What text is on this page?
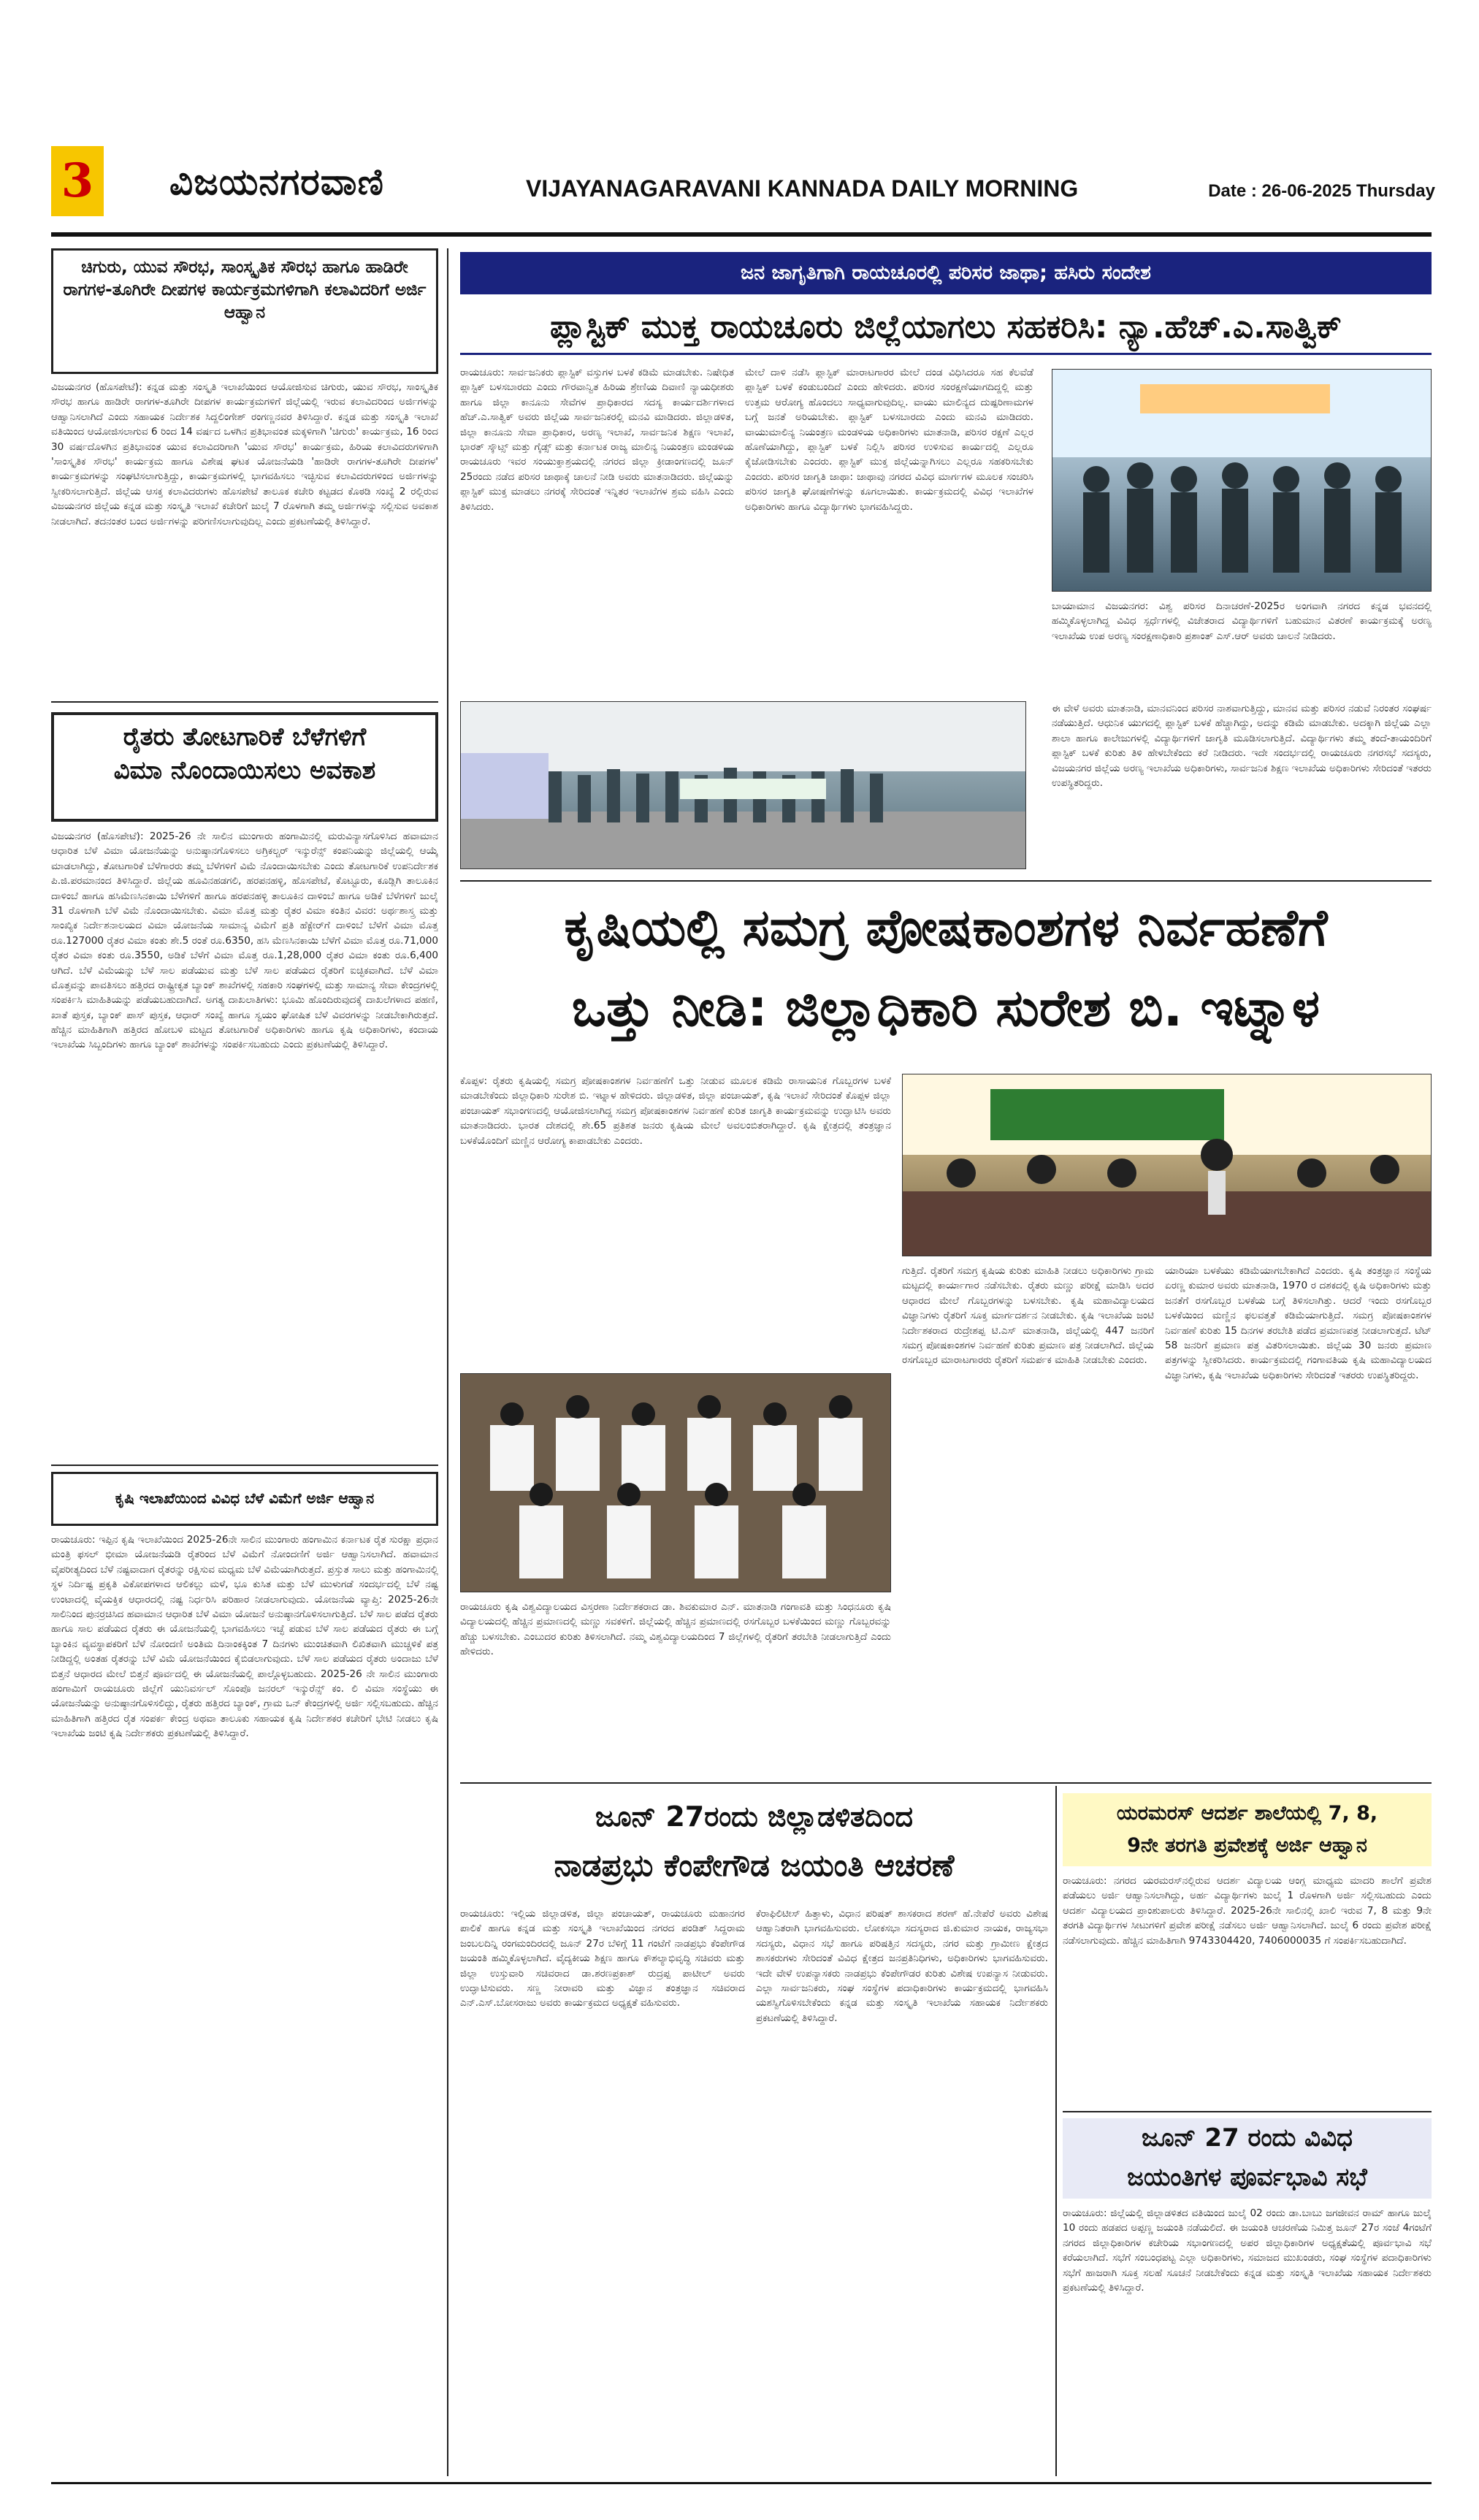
3 ವಿಜಯನಗರವಾಣಿ	VIJAYANAGARAVANI KANNADA DAILY MORNING	Date : 26-06-2025 Thursday
ಚಿಗುರು, ಯುವ ಸೌರಭ, ಸಾಂಸ್ಕೃತಿಕ ಸೌರಭ ಹಾಗೂ ಹಾಡಿರೇ ರಾಗಗಳ-ತೂಗಿರೇ ದೀಪಗಳ ಕಾರ್ಯಕ್ರಮಗಳಿಗಾಗಿ ಕಲಾವಿದರಿಗೆ ಅರ್ಜಿ ಆಹ್ವಾನ
ವಿಜಯನಗರ (ಹೊಸಪೇಟೆ): ಕನ್ನಡ ಮತ್ತು ಸಂಸ್ಕೃತಿ ಇಲಾಖೆಯಿಂದ ಆಯೋಜಿಸುವ ಚಿಗುರು, ಯುವ ಸೌರಭ, ಸಾಂಸ್ಕೃತಿಕ ಸೌರಭ ಹಾಗೂ ಹಾಡಿರೇ ರಾಗಗಳ-ತೂಗಿರೇ ದೀಪಗಳ ಕಾರ್ಯಕ್ರಮಗಳಿಗೆ ಜಿಲ್ಲೆಯಲ್ಲಿ ಇರುವ ಕಲಾವಿದರಿಂದ ಅರ್ಜಿಗಳನ್ನು ಆಹ್ವಾನಿಸಲಾಗಿದೆ ಎಂದು ಸಹಾಯಕ ನಿರ್ದೇಶಕ ಸಿದ್ದಲಿಂಗೇಶ್ ರಂಗಣ್ಣನವರ ತಿಳಿಸಿದ್ದಾರೆ. ಕನ್ನಡ ಮತ್ತು ಸಂಸ್ಕೃತಿ ಇಲಾಖೆ ವತಿಯಿಂದ ಆಯೋಜಿಸಲಾಗುವ 6 ರಿಂದ 14 ವರ್ಷದ ಒಳಗಿನ ಪ್ರತಿಭಾವಂತ ಮಕ್ಕಳಿಗಾಗಿ 'ಚಿಗುರು' ಕಾರ್ಯಕ್ರಮ, 16 ರಿಂದ 30 ವರ್ಷದೊಳಗಿನ ಪ್ರತಿಭಾವಂತ ಯುವ ಕಲಾವಿದರಿಗಾಗಿ 'ಯುವ ಸೌರಭ' ಕಾರ್ಯಕ್ರಮ, ಹಿರಿಯ ಕಲಾವಿದರುಗಳಿಗಾಗಿ 'ಸಾಂಸ್ಕೃತಿಕ ಸೌರಭ' ಕಾರ್ಯಕ್ರಮ ಹಾಗೂ ವಿಶೇಷ ಘಟಕ ಯೋಜನೆಯಡಿ 'ಹಾಡಿರೇ ರಾಗಗಳ-ತೂಗಿರೇ ದೀಪಗಳ' ಕಾರ್ಯಕ್ರಮಗಳನ್ನು ಸಂಘಟಿಸಲಾಗುತ್ತಿದ್ದು, ಕಾರ್ಯಕ್ರಮಗಳಲ್ಲಿ ಭಾಗವಹಿಸಲು ಇಚ್ಛಿಸುವ ಕಲಾವಿದರುಗಳಿಂದ ಅರ್ಜಿಗಳನ್ನು ಸ್ವೀಕರಿಸಲಾಗುತ್ತಿದೆ. ಜಿಲ್ಲೆಯ ಆಸಕ್ತ ಕಲಾವಿದರುಗಳು ಹೊಸಪೇಟೆ ತಾಲೂಕ ಕಚೇರಿ ಕಟ್ಟಡದ ಕೊಠಡಿ ಸಂಖ್ಯೆ 2 ರಲ್ಲಿರುವ ವಿಜಯನಗರ ಜಿಲ್ಲೆಯ ಕನ್ನಡ ಮತ್ತು ಸಂಸ್ಕೃತಿ ಇಲಾಖೆ ಕಚೇರಿಗೆ ಜುಲೈ 7 ರೊಳಗಾಗಿ ತಮ್ಮ ಅರ್ಜಿಗಳನ್ನು ಸಲ್ಲಿಸುವ ಅವಕಾಶ ನೀಡಲಾಗಿದೆ. ತದನಂತರ ಬಂದ ಅರ್ಜಿಗಳನ್ನು ಪರಿಗಣಿಸಲಾಗುವುದಿಲ್ಲ ಎಂದು ಪ್ರಕಟಣೆಯಲ್ಲಿ ತಿಳಿಸಿದ್ದಾರೆ.
ರೈತರು ತೋಟಗಾರಿಕೆ ಬೆಳೆಗಳಿಗೆ
ವಿಮಾ ನೊಂದಾಯಿಸಲು ಅವಕಾಶ
ವಿಜಯನಗರ (ಹೊಸಪೇಟೆ): 2025-26 ನೇ ಸಾಲಿನ ಮುಂಗಾರು ಹಂಗಾಮಿನಲ್ಲಿ ಮರುವಿನ್ಯಾಸಗೊಳಿಸಿದ ಹವಾಮಾನ ಆಧಾರಿತ ಬೆಳೆ ವಿಮಾ ಯೋಜನೆಯನ್ನು ಅನುಷ್ಠಾನಗೊಳಿಸಲು ಅಗ್ರಿಕಲ್ಚರ್ ಇನ್ಶುರೆನ್ಸ್ ಕಂಪನಿಯನ್ನು ಜಿಲ್ಲೆಯಲ್ಲಿ ಆಯ್ಕೆ ಮಾಡಲಾಗಿದ್ದು, ತೋಟಗಾರಿಕೆ ಬೆಳೆಗಾರರು ತಮ್ಮ ಬೆಳೆಗಳಿಗೆ ವಿಮೆ ನೊಂದಾಯಿಸಬೇಕು ಎಂದು ತೋಟಗಾರಿಕೆ ಉಪನಿರ್ದೇಶಕ ಪಿ.ಜಿ.ಪರಮಾನಂದ ತಿಳಿಸಿದ್ದಾರೆ. ಜಿಲ್ಲೆಯ ಹೂವಿನಹಡಗಲಿ, ಹರಪನಹಳ್ಳಿ, ಹೊಸಪೇಟೆ, ಕೊಟ್ಟೂರು, ಕೂಡ್ಲಿಗಿ ತಾಲೂಕಿನ ದಾಳಿಂಬೆ ಹಾಗೂ ಹಸಿಮೆಣಸಿನಕಾಯಿ ಬೆಳೆಗಳಿಗೆ ಹಾಗೂ ಹರಪನಹಳ್ಳಿ ತಾಲೂಕಿನ ದಾಳಿಂಬೆ ಹಾಗೂ ಅಡಿಕೆ ಬೆಳೆಗಳಿಗೆ ಜುಲೈ 31 ರೊಳಗಾಗಿ ಬೆಳೆ ವಿಮೆ ನೊಂದಾಯಿಸಬೇಕು. ವಿಮಾ ಮೊತ್ತ ಮತ್ತು ರೈತರ ವಿಮಾ ಕಂತಿನ ವಿವರ: ಅರ್ಥಶಾಸ್ತ್ರ ಮತ್ತು ಸಾಂಖ್ಯಿಕ ನಿರ್ದೇಶನಾಲಯದ ವಿಮಾ ಯೋಜನೆಯ ಸಾಮಾನ್ಯ ವಿಮೆಗೆ ಪ್ರತಿ ಹೆಕ್ಟೇರ್‌ಗೆ ದಾಳಿಂಬೆ ಬೆಳೆಗೆ ವಿಮಾ ಮೊತ್ತ ರೂ.127000 ರೈತರ ವಿಮಾ ಕಂತು ಶೇ.5 ರಂತೆ ರೂ.6350, ಹಸಿ ಮೆಣಸಿನಕಾಯಿ ಬೆಳೆಗೆ ವಿಮಾ ಮೊತ್ತ ರೂ.71,000 ರೈತರ ವಿಮಾ ಕಂತು ರೂ.3550, ಅಡಿಕೆ ಬೆಳೆಗೆ ವಿಮಾ ಮೊತ್ತ ರೂ.1,28,000 ರೈತರ ವಿಮಾ ಕಂತು ರೂ.6,400 ಆಗಿದೆ. ಬೆಳೆ ವಿಮೆಯನ್ನು ಬೆಳೆ ಸಾಲ ಪಡೆಯುವ ಮತ್ತು ಬೆಳೆ ಸಾಲ ಪಡೆಯದ ರೈತರಿಗೆ ಐಚ್ಛಿಕವಾಗಿದೆ. ಬೆಳೆ ವಿಮಾ ಮೊತ್ತವನ್ನು ಪಾವತಿಸಲು ಹತ್ತಿರದ ರಾಷ್ಟ್ರೀಕೃತ ಬ್ಯಾಂಕ್ ಶಾಖೆಗಳಲ್ಲಿ ಸಹಕಾರಿ ಸಂಘಗಳಲ್ಲಿ ಮತ್ತು ಸಾಮಾನ್ಯ ಸೇವಾ ಕೇಂದ್ರಗಳಲ್ಲಿ ಸಂಪರ್ಕಿಸಿ ಮಾಹಿತಿಯನ್ನು ಪಡೆಯಬಹುದಾಗಿದೆ. ಅಗತ್ಯ ದಾಖಲಾತಿಗಳು: ಭೂಮಿ ಹೊಂದಿರುವುದಕ್ಕೆ ದಾಖಲೆಗಳಾದ ಪಹಣಿ, ಖಾತೆ ಪುಸ್ತಕ, ಬ್ಯಾಂಕ್ ಪಾಸ್ ಪುಸ್ತಕ, ಆಧಾರ್ ಸಂಖ್ಯೆ ಹಾಗೂ ಸ್ವಯಂ ಘೋಷಿತ ಬೆಳೆ ವಿವರಗಳನ್ನು ನೀಡಬೇಕಾಗಿರುತ್ತದೆ. ಹೆಚ್ಚಿನ ಮಾಹಿತಿಗಾಗಿ ಹತ್ತಿರದ ಹೋಬಳಿ ಮಟ್ಟದ ತೋಟಗಾರಿಕೆ ಅಧಿಕಾರಿಗಳು ಹಾಗೂ ಕೃಷಿ ಅಧಿಕಾರಿಗಳು, ಕಂದಾಯ ಇಲಾಖೆಯ ಸಿಬ್ಬಂದಿಗಳು ಹಾಗೂ ಬ್ಯಾಂಕ್ ಶಾಖೆಗಳನ್ನು ಸಂಪರ್ಕಿಸಬಹುದು ಎಂದು ಪ್ರಕಟಣೆಯಲ್ಲಿ ತಿಳಿಸಿದ್ದಾರೆ.
ಕೃಷಿ ಇಲಾಖೆಯಿಂದ ವಿವಿಧ ಬೆಳೆ ವಿಮೆಗೆ ಅರ್ಜಿ ಆಹ್ವಾನ
ರಾಯಚೂರು: ಇಪ್ಪಿನ ಕೃಷಿ ಇಲಾಖೆಯಿಂದ 2025-26ನೇ ಸಾಲಿನ ಮುಂಗಾರು ಹಂಗಾಮಿನ ಕರ್ನಾಟಕ ರೈತ ಸುರಕ್ಷಾ ಪ್ರಧಾನ ಮಂತ್ರಿ ಫಸಲ್ ಭೀಮಾ ಯೋಜನೆಯಡಿ ರೈತರಿಂದ ಬೆಳೆ ವಿಮೆಗೆ ನೋಂದಣಿಗೆ ಅರ್ಜಿ ಆಹ್ವಾನಿಸಲಾಗಿದೆ. ಹವಾಮಾನ ವೈಪರೀತ್ಯದಿಂದ ಬೆಳೆ ನಷ್ಟವಾದಾಗ ರೈತರನ್ನು ರಕ್ಷಿಸುವ ಮಧ್ಯಮ ಬೆಳೆ ವಿಮೆಯಾಗಿರುತ್ತದೆ. ಪ್ರಸ್ತುತ ಸಾಲು ಮತ್ತು ಹಂಗಾಮಿನಲ್ಲಿ ಸ್ಥಳ ನಿರ್ದಿಷ್ಟ ಪ್ರಕೃತಿ ವಿಕೋಪಗಳಾದ ಆಲಿಕಲ್ಲು ಮಳೆ, ಭೂ ಕುಸಿತ ಮತ್ತು ಬೆಳೆ ಮುಳುಗಡೆ ಸಂದರ್ಭದಲ್ಲಿ ಬೆಳೆ ನಷ್ಟ ಉಂಟಾದಲ್ಲಿ ವೈಯಕ್ತಿಕ ಆಧಾರದಲ್ಲಿ ನಷ್ಟ ನಿರ್ಧರಿಸಿ ಪರಿಹಾರ ನೀಡಲಾಗುವುದು. ಯೋಜನೆಯ ವ್ಯಾಪ್ತಿ: 2025-26ನೇ ಸಾಲಿನಿಂದ ಪುನರ್ರಚಿಸಿದ ಹವಾಮಾನ ಆಧಾರಿತ ಬೆಳೆ ವಿಮಾ ಯೋಜನೆ ಅನುಷ್ಠಾನಗೊಳಿಸಲಾಗುತ್ತಿದೆ. ಬೆಳೆ ಸಾಲ ಪಡೆದ ರೈತರು ಹಾಗೂ ಸಾಲ ಪಡೆಯದ ರೈತರು ಈ ಯೋಜನೆಯಲ್ಲಿ ಭಾಗವಹಿಸಲು ಇಚ್ಛೆ ಪಡುವ ಬೆಳೆ ಸಾಲ ಪಡೆಯದ ರೈತರು ಈ ಬಗ್ಗೆ ಬ್ಯಾಂಕಿನ ವ್ಯವಸ್ಥಾಪಕರಿಗೆ ಬೆಳೆ ನೋಂದಣಿ ಅಂತಿಮ ದಿನಾಂಕಕ್ಕಿಂತ 7 ದಿನಗಳು ಮುಂಚಿತವಾಗಿ ಲಿಖಿತವಾಗಿ ಮುಚ್ಚಳಿಕೆ ಪತ್ರ ನೀಡಿದ್ದಲ್ಲಿ ಅಂತಹ ರೈತರನ್ನು ಬೆಳೆ ವಿಮೆ ಯೋಜನೆಯಿಂದ ಕೈಬಿಡಲಾಗುವುದು. ಬೆಳೆ ಸಾಲ ಪಡೆಯದ ರೈತರು ಅಂದಾಜು ಬೆಳೆ ಬಿತ್ತನೆ ಆಧಾರದ ಮೇಲೆ ಬಿತ್ತನೆ ಪೂರ್ವದಲ್ಲಿ ಈ ಯೋಜನೆಯಲ್ಲಿ ಪಾಲ್ಗೊಳ್ಳಬಹುದು. 2025-26 ನೇ ಸಾಲಿನ ಮುಂಗಾರು ಹಂಗಾಮಿಗೆ ರಾಯಚೂರು ಜಿಲ್ಲೆಗೆ ಯುನಿವರ್ಸಲ್ ಸೊಂಪೊ ಜನರಲ್ ಇನ್ಶುರೆನ್ಸ್ ಕಂ. ಲಿ ವಿಮಾ ಸಂಸ್ಥೆಯು ಈ ಯೋಜನೆಯನ್ನು ಅನುಷ್ಠಾನಗೊಳಿಸಲಿದ್ದು, ರೈತರು ಹತ್ತಿರದ ಬ್ಯಾಂಕ್, ಗ್ರಾಮ ಒನ್ ಕೇಂದ್ರಗಳಲ್ಲಿ ಅರ್ಜಿ ಸಲ್ಲಿಸಬಹುದು. ಹೆಚ್ಚಿನ ಮಾಹಿತಿಗಾಗಿ ಹತ್ತಿರದ ರೈತ ಸಂಪರ್ಕ ಕೇಂದ್ರ ಅಥವಾ ತಾಲೂಕು ಸಹಾಯಕ ಕೃಷಿ ನಿರ್ದೇಶಕರ ಕಚೇರಿಗೆ ಭೇಟಿ ನೀಡಲು ಕೃಷಿ ಇಲಾಖೆಯ ಜಂಟಿ ಕೃಷಿ ನಿರ್ದೇಶಕರು ಪ್ರಕಟಣೆಯಲ್ಲಿ ತಿಳಿಸಿದ್ದಾರೆ.
ಜನ ಜಾಗೃತಿಗಾಗಿ ರಾಯಚೂರಲ್ಲಿ ಪರಿಸರ ಜಾಥಾ; ಹಸಿರು ಸಂದೇಶ
ಪ್ಲಾಸ್ಟಿಕ್ ಮುಕ್ತ ರಾಯಚೂರು ಜಿಲ್ಲೆಯಾಗಲು ಸಹಕರಿಸಿ: ನ್ಯಾ.ಹೆಚ್.ಎ.ಸಾತ್ವಿಕ್
ರಾಯಚೂರು: ಸಾರ್ವಜನಿಕರು ಪ್ಲಾಸ್ಟಿಕ್ ವಸ್ತುಗಳ ಬಳಕೆ ಕಡಿಮೆ ಮಾಡಬೇಕು. ನಿಷೇಧಿತ ಪ್ಲಾಸ್ಟಿಕ್ ಬಳಸಬಾರದು ಎಂದು ಗೌರವಾನ್ವಿತ ಹಿರಿಯ ಶ್ರೇಣಿಯ ದಿವಾಣಿ ನ್ಯಾಯಧೀಶರು ಹಾಗೂ ಜಿಲ್ಲಾ ಕಾನೂನು ಸೇವೆಗಳ ಪ್ರಾಧಿಕಾರದ ಸದಸ್ಯ ಕಾರ್ಯದರ್ಶಿಗಳಾದ ಹೆಚ್.ಎ.ಸಾತ್ವಿಕ್ ಅವರು ಜಿಲ್ಲೆಯ ಸಾರ್ವಜನಿಕರಲ್ಲಿ ಮನವಿ ಮಾಡಿದರು. ಜಿಲ್ಲಾಡಳಿತ, ಜಿಲ್ಲಾ ಕಾನೂನು ಸೇವಾ ಪ್ರಾಧಿಕಾರ, ಅರಣ್ಯ ಇಲಾಖೆ, ಸಾರ್ವಜನಿಕ ಶಿಕ್ಷಣ ಇಲಾಖೆ, ಭಾರತ್ ಸ್ಕೌಟ್ಸ್ ಮತ್ತು ಗೈಡ್ಸ್ ಮತ್ತು ಕರ್ನಾಟಕ ರಾಜ್ಯ ಮಾಲಿನ್ಯ ನಿಯಂತ್ರಣ ಮಂಡಳಿಯ ರಾಯಚೂರು ಇವರ ಸಂಯುಕ್ತಾಶ್ರಯದಲ್ಲಿ ನಗರದ ಜಿಲ್ಲಾ ಕ್ರೀಡಾಂಗಣದಲ್ಲಿ ಜೂನ್ 25ರಂದು ನಡೆದ ಪರಿಸರ ಜಾಥಾಕ್ಕೆ ಚಾಲನೆ ನೀಡಿ ಅವರು ಮಾತನಾಡಿದರು. ಜಿಲ್ಲೆಯನ್ನು ಪ್ಲಾಸ್ಟಿಕ್ ಮುಕ್ತ ಮಾಡಲು ನಗರಕ್ಕೆ ಸೇರಿದಂತೆ ಇನ್ನಿತರ ಇಲಾಖೆಗಳ ಶ್ರಮ ವಹಿಸಿ ಎಂದು ತಿಳಿಸಿದರು.
ಮೇಲೆ ದಾಳಿ ನಡೆಸಿ ಪ್ಲಾಸ್ಟಿಕ್ ಮಾರಾಟಗಾರರ ಮೇಲೆ ದಂಡ ವಿಧಿಸಿದರೂ ಸಹ ಕೆಲವೆಡೆ ಪ್ಲಾಸ್ಟಿಕ್ ಬಳಕೆ ಕಂಡುಬಂದಿದೆ ಎಂದು ಹೇಳಿದರು. ಪರಿಸರ ಸಂರಕ್ಷಣೆಯಾಗದಿದ್ದಲ್ಲಿ ಮತ್ತು ಉತ್ತಮ ಆರೋಗ್ಯ ಹೊಂದಲು ಸಾಧ್ಯವಾಗುವುದಿಲ್ಲ. ವಾಯು ಮಾಲಿನ್ಯದ ದುಷ್ಪರಿಣಾಮಗಳ ಬಗ್ಗೆ ಜನತೆ ಅರಿಯಬೇಕು. ಪ್ಲಾಸ್ಟಿಕ್ ಬಳಸಬಾರದು ಎಂದು ಮನವಿ ಮಾಡಿದರು. ವಾಯುಮಾಲಿನ್ಯ ನಿಯಂತ್ರಣ ಮಂಡಳಿಯ ಅಧಿಕಾರಿಗಳು ಮಾತನಾಡಿ, ಪರಿಸರ ರಕ್ಷಣೆ ಎಲ್ಲರ ಹೊಣೆಯಾಗಿದ್ದು, ಪ್ಲಾಸ್ಟಿಕ್ ಬಳಕೆ ನಿಲ್ಲಿಸಿ ಪರಿಸರ ಉಳಿಸುವ ಕಾರ್ಯದಲ್ಲಿ ಎಲ್ಲರೂ ಕೈಜೋಡಿಸಬೇಕು ಎಂದರು. ಪ್ಲಾಸ್ಟಿಕ್ ಮುಕ್ತ ಜಿಲ್ಲೆಯನ್ನಾಗಿಸಲು ಎಲ್ಲರೂ ಸಹಕರಿಸಬೇಕು ಎಂದರು. ಪರಿಸರ ಜಾಗೃತಿ ಜಾಥಾ: ಜಾಥಾವು ನಗರದ ವಿವಿಧ ಮಾರ್ಗಗಳ ಮೂಲಕ ಸಂಚರಿಸಿ ಪರಿಸರ ಜಾಗೃತಿ ಘೋಷಣೆಗಳನ್ನು ಕೂಗಲಾಯಿತು. ಕಾರ್ಯಕ್ರಮದಲ್ಲಿ ವಿವಿಧ ಇಲಾಖೆಗಳ ಅಧಿಕಾರಿಗಳು ಹಾಗೂ ವಿದ್ಯಾರ್ಥಿಗಳು ಭಾಗವಹಿಸಿದ್ದರು.
ಬಾಯಾಮಾನ ವಿಜಯನಗರ: ವಿಶ್ವ ಪರಿಸರ ದಿನಾಚರಣೆ-2025ರ ಅಂಗವಾಗಿ ನಗರದ ಕನ್ನಡ ಭವನದಲ್ಲಿ ಹಮ್ಮಿಕೊಳ್ಳಲಾಗಿದ್ದ ವಿವಿಧ ಸ್ಪರ್ಧೆಗಳಲ್ಲಿ ವಿಜೇತರಾದ ವಿದ್ಯಾರ್ಥಿಗಳಿಗೆ ಬಹುಮಾನ ವಿತರಣೆ ಕಾರ್ಯಕ್ರಮಕ್ಕೆ ಅರಣ್ಯ ಇಲಾಖೆಯ ಉಪ ಅರಣ್ಯ ಸಂರಕ್ಷಣಾಧಿಕಾರಿ ಪ್ರಶಾಂತ್ ಎಸ್.ಆರ್ ಅವರು ಚಾಲನೆ ನೀಡಿದರು.
ಈ ವೇಳೆ ಅವರು ಮಾತನಾಡಿ, ಮಾನವನಿಂದ ಪರಿಸರ ನಾಶವಾಗುತ್ತಿದ್ದು, ಮಾನವ ಮತ್ತು ಪರಿಸರ ನಡುವೆ ನಿರಂತರ ಸಂಘರ್ಷ ನಡೆಯುತ್ತಿದೆ. ಆಧುನಿಕ ಯುಗದಲ್ಲಿ ಪ್ಲಾಸ್ಟಿಕ್ ಬಳಕೆ ಹೆಚ್ಚಾಗಿದ್ದು, ಅದನ್ನು ಕಡಿಮೆ ಮಾಡಬೇಕು. ಅದಕ್ಕಾಗಿ ಜಿಲ್ಲೆಯ ಎಲ್ಲಾ ಶಾಲಾ ಹಾಗೂ ಕಾಲೇಜುಗಳಲ್ಲಿ ವಿದ್ಯಾರ್ಥಿಗಳಿಗೆ ಜಾಗೃತಿ ಮೂಡಿಸಲಾಗುತ್ತಿದೆ. ವಿದ್ಯಾರ್ಥಿಗಳು ತಮ್ಮ ತಂದೆ-ತಾಯಂದಿರಿಗೆ ಪ್ಲಾಸ್ಟಿಕ್ ಬಳಕೆ ಕುರಿತು ತಿಳಿ ಹೇಳಬೇಕೆಂದು ಕರೆ ನೀಡಿದರು. ಇದೇ ಸಂದರ್ಭದಲ್ಲಿ ರಾಯಚೂರು ನಗರಸಭೆ ಸದಸ್ಯರು, ವಿಜಯನಗರ ಜಿಲ್ಲೆಯ ಅರಣ್ಯ ಇಲಾಖೆಯ ಅಧಿಕಾರಿಗಳು, ಸಾರ್ವಜನಿಕ ಶಿಕ್ಷಣ ಇಲಾಖೆಯ ಅಧಿಕಾರಿಗಳು ಸೇರಿದಂತೆ ಇತರರು ಉಪಸ್ಥಿತರಿದ್ದರು.
ಕೃಷಿಯಲ್ಲಿ ಸಮಗ್ರ ಪೋಷಕಾಂಶಗಳ ನಿರ್ವಹಣೆಗೆ
ಒತ್ತು ನೀಡಿ: ಜಿಲ್ಲಾಧಿಕಾರಿ ಸುರೇಶ ಬಿ. ಇಟ್ನಾಳ
ಕೊಪ್ಪಳ: ರೈತರು ಕೃಷಿಯಲ್ಲಿ ಸಮಗ್ರ ಪೋಷಕಾಂಶಗಳ ನಿರ್ವಹಣೆಗೆ ಒತ್ತು ನೀಡುವ ಮೂಲಕ ಕಡಿಮೆ ರಾಸಾಯನಿಕ ಗೊಬ್ಬರಗಳ ಬಳಕೆ ಮಾಡಬೇಕೆಂದು ಜಿಲ್ಲಾಧಿಕಾರಿ ಸುರೇಶ ಬಿ. ಇಟ್ನಾಳ ಹೇಳಿದರು. ಜಿಲ್ಲಾಡಳಿತ, ಜಿಲ್ಲಾ ಪಂಚಾಯತ್, ಕೃಷಿ ಇಲಾಖೆ ಸೇರಿದಂತೆ ಕೊಪ್ಪಳ ಜಿಲ್ಲಾ ಪಂಚಾಯತ್ ಸಭಾಂಗಣದಲ್ಲಿ ಆಯೋಜಿಸಲಾಗಿದ್ದ ಸಮಗ್ರ ಪೋಷಕಾಂಶಗಳ ನಿರ್ವಹಣೆ ಕುರಿತ ಜಾಗೃತಿ ಕಾರ್ಯಕ್ರಮವನ್ನು ಉದ್ಘಾಟಿಸಿ ಅವರು ಮಾತನಾಡಿದರು. ಭಾರತ ದೇಶದಲ್ಲಿ ಶೇ.65 ಪ್ರತಿಶತ ಜನರು ಕೃಷಿಯ ಮೇಲೆ ಅವಲಂಬಿತರಾಗಿದ್ದಾರೆ. ಕೃಷಿ ಕ್ಷೇತ್ರದಲ್ಲಿ ತಂತ್ರಜ್ಞಾನ ಬಳಕೆಯೊಂದಿಗೆ ಮಣ್ಣಿನ ಆರೋಗ್ಯ ಕಾಪಾಡಬೇಕು ಎಂದರು.
ಗುತ್ತಿದೆ. ರೈತರಿಗೆ ಸಮಗ್ರ ಕೃಷಿಯ ಕುರಿತು ಮಾಹಿತಿ ನೀಡಲು ಅಧಿಕಾರಿಗಳು ಗ್ರಾಮ ಮಟ್ಟದಲ್ಲಿ ಕಾರ್ಯಾಗಾರ ನಡೆಸಬೇಕು. ರೈತರು ಮಣ್ಣು ಪರೀಕ್ಷೆ ಮಾಡಿಸಿ ಅದರ ಆಧಾರದ ಮೇಲೆ ಗೊಬ್ಬರಗಳನ್ನು ಬಳಸಬೇಕು. ಕೃಷಿ ಮಹಾವಿದ್ಯಾಲಯದ ವಿಜ್ಞಾನಿಗಳು ರೈತರಿಗೆ ಸೂಕ್ತ ಮಾರ್ಗದರ್ಶನ ನೀಡಬೇಕು. ಕೃಷಿ ಇಲಾಖೆಯ ಜಂಟಿ ನಿರ್ದೇಶಕರಾದ ರುದ್ರೇಶಪ್ಪ ಟಿ.ಎಸ್ ಮಾತನಾಡಿ, ಜಿಲ್ಲೆಯಲ್ಲಿ 447 ಜನರಿಗೆ ಸಮಗ್ರ ಪೋಷಕಾಂಶಗಳ ನಿರ್ವಹಣೆ ಕುರಿತು ಪ್ರಮಾಣ ಪತ್ರ ನೀಡಲಾಗಿದೆ. ಜಿಲ್ಲೆಯ ರಸಗೊಬ್ಬರ ಮಾರಾಟಗಾರರು ರೈತರಿಗೆ ಸಮರ್ಪಕ ಮಾಹಿತಿ ನೀಡಬೇಕು ಎಂದರು.
ಯಾರಿಯಾ ಬಳಕೆಯು ಕಡಿಮೆಯಾಗಬೇಕಾಗಿದೆ ಎಂದರು. ಕೃಷಿ ತಂತ್ರಜ್ಞಾನ ಸಂಸ್ಥೆಯ ಏರಣ್ಣ ಕುಮಾರ ಅವರು ಮಾತನಾಡಿ, 1970 ರ ದಶಕದಲ್ಲಿ ಕೃಷಿ ಅಧಿಕಾರಿಗಳು ಮತ್ತು ಜನತೆಗೆ ರಸಗೊಬ್ಬರ ಬಳಕೆಯ ಬಗ್ಗೆ ತಿಳಿಸಲಾಗಿತ್ತು. ಆದರೆ ಇಂದು ರಸಗೊಬ್ಬರ ಬಳಕೆಯಿಂದ ಮಣ್ಣಿನ ಫಲವತ್ತತೆ ಕಡಿಮೆಯಾಗುತ್ತಿದೆ. ಸಮಗ್ರ ಪೋಷಕಾಂಶಗಳ ನಿರ್ವಹಣೆ ಕುರಿತು 15 ದಿನಗಳ ತರಬೇತಿ ಪಡೆದ ಪ್ರಮಾಣಪತ್ರ ನೀಡಲಾಗುತ್ತದೆ. ಟೆಟ್ 58 ಜನರಿಗೆ ಪ್ರಮಾಣ ಪತ್ರ ವಿತರಿಸಲಾಯಿತು. ಜಿಲ್ಲೆಯ 30 ಜನರು ಪ್ರಮಾಣ ಪತ್ರಗಳನ್ನು ಸ್ವೀಕರಿಸಿದರು. ಕಾರ್ಯಕ್ರಮದಲ್ಲಿ ಗಂಗಾವತಿಯ ಕೃಷಿ ಮಹಾವಿದ್ಯಾಲಯದ ವಿಜ್ಞಾನಿಗಳು, ಕೃಷಿ ಇಲಾಖೆಯ ಅಧಿಕಾರಿಗಳು ಸೇರಿದಂತೆ ಇತರರು ಉಪಸ್ಥಿತರಿದ್ದರು.
ರಾಯಚೂರು ಕೃಷಿ ವಿಶ್ವವಿದ್ಯಾಲಯದ ವಿಸ್ತರಣಾ ನಿರ್ದೇಶಕರಾದ ಡಾ. ಶಿವಕುಮಾರ ಎನ್. ಮಾತನಾಡಿ ಗಂಗಾವತಿ ಮತ್ತು ಸಿಂಧನೂರು ಕೃಷಿ ವಿದ್ಯಾಲಯದಲ್ಲಿ ಹೆಚ್ಚಿನ ಪ್ರಮಾಣದಲ್ಲಿ ಮಣ್ಣು ಸವಕಳಿಗೆ. ಜಿಲ್ಲೆಯಲ್ಲಿ ಹೆಚ್ಚಿನ ಪ್ರಮಾಣದಲ್ಲಿ ರಸಗೊಬ್ಬರ ಬಳಕೆಯಿಂದ ಮಣ್ಣು ಗೊಬ್ಬರವನ್ನು ಹೆಚ್ಚು ಬಳಸಬೇಕು. ಎಂಬುದರ ಕುರಿತು ತಿಳಿಸಲಾಗಿದೆ. ನಮ್ಮ ವಿಶ್ವವಿದ್ಯಾಲಯದಿಂದ 7 ಜಿಲ್ಲೆಗಳಲ್ಲಿ ರೈತರಿಗೆ ತರಬೇತಿ ನೀಡಲಾಗುತ್ತಿದೆ ಎಂದು ಹೇಳಿದರು.
ಜೂನ್ 27ರಂದು ಜಿಲ್ಲಾಡಳಿತದಿಂದ
ನಾಡಪ್ರಭು ಕೆಂಪೇಗೌಡ ಜಯಂತಿ ಆಚರಣೆ
ರಾಯಚೂರು: ಇಲ್ಲಿಯ ಜಿಲ್ಲಾಡಳಿತ, ಜಿಲ್ಲಾ ಪಂಚಾಯತ್, ರಾಯಚೂರು ಮಹಾನಗರ ಪಾಲಿಕೆ ಹಾಗೂ ಕನ್ನಡ ಮತ್ತು ಸಂಸ್ಕೃತಿ ಇಲಾಖೆಯಿಂದ ನಗರದ ಪಂಡಿತ್ ಸಿದ್ದರಾಮ ಜಂಬಲದಿನ್ನಿ ರಂಗಮಂದಿರದಲ್ಲಿ ಜೂನ್ 27ರ ಬೆಳಿಗ್ಗೆ 11 ಗಂಟೆಗೆ ನಾಡಪ್ರಭು ಕೆಂಪೇಗೌಡ ಜಯಂತಿ ಹಮ್ಮಿಕೊಳ್ಳಲಾಗಿದೆ. ವೈದ್ಯಕೀಯ ಶಿಕ್ಷಣ ಹಾಗೂ ಕೌಶಲ್ಯಾಭಿವೃದ್ಧಿ ಸಚಿವರು ಮತ್ತು ಜಿಲ್ಲಾ ಉಸ್ತುವಾರಿ ಸಚಿವರಾದ ಡಾ.ಶರಣಪ್ರಕಾಶ್ ರುದ್ರಪ್ಪ ಪಾಟೀಲ್ ಅವರು ಉದ್ಘಾಟಿಸುವರು. ಸಣ್ಣ ನೀರಾವರಿ ಮತ್ತು ವಿಜ್ಞಾನ ತಂತ್ರಜ್ಞಾನ ಸಚಿವರಾದ ಎನ್.ಎಸ್.ಬೋಸರಾಜು ಅವರು ಕಾರ್ಯಕ್ರಮದ ಅಧ್ಯಕ್ಷತೆ ವಹಿಸುವರು.
ಕೆರಾಫಿಲಿಟೀಸ್ ಹಿತ್ತಾಳು, ವಿಧಾನ ಪರಿಷತ್ ಶಾಸಕರಾದ ಶರಣ್ ಹೆ.ನೇಪೆರೆ ಅವರು ವಿಶೇಷ ಆಹ್ವಾನಿತರಾಗಿ ಭಾಗವಹಿಸುವರು. ಲೋಕಸಭಾ ಸದಸ್ಯರಾದ ಜಿ.ಕುಮಾರ ನಾಯಕ, ರಾಜ್ಯಸಭಾ ಸದಸ್ಯರು, ವಿಧಾನ ಸಭೆ ಹಾಗೂ ಪರಿಷತ್ತಿನ ಸದಸ್ಯರು, ನಗರ ಮತ್ತು ಗ್ರಾಮೀಣ ಕ್ಷೇತ್ರದ ಶಾಸಕರುಗಳು ಸೇರಿದಂತೆ ವಿವಿಧ ಕ್ಷೇತ್ರದ ಜನಪ್ರತಿನಿಧಿಗಳು, ಅಧಿಕಾರಿಗಳು ಭಾಗವಹಿಸುವರು. ಇದೇ ವೇಳೆ ಉಪನ್ಯಾಸಕರು ನಾಡಪ್ರಭು ಕೆಂಪೇಗೌಡರ ಕುರಿತು ವಿಶೇಷ ಉಪನ್ಯಾಸ ನೀಡುವರು. ಎಲ್ಲಾ ಸಾರ್ವಜನಿಕರು, ಸಂಘ ಸಂಸ್ಥೆಗಳ ಪದಾಧಿಕಾರಿಗಳು ಕಾರ್ಯಕ್ರಮದಲ್ಲಿ ಭಾಗವಹಿಸಿ ಯಶಸ್ವಿಗೊಳಿಸಬೇಕೆಂದು ಕನ್ನಡ ಮತ್ತು ಸಂಸ್ಕೃತಿ ಇಲಾಖೆಯ ಸಹಾಯಕ ನಿರ್ದೇಶಕರು ಪ್ರಕಟಣೆಯಲ್ಲಿ ತಿಳಿಸಿದ್ದಾರೆ.
ಯರಮರಸ್ ಆದರ್ಶ ಶಾಲೆಯಲ್ಲಿ 7, 8,
9ನೇ ತರಗತಿ ಪ್ರವೇಶಕ್ಕೆ ಅರ್ಜಿ ಆಹ್ವಾನ
ರಾಯಚೂರು: ನಗರದ ಯರಮರಸ್‌ನಲ್ಲಿರುವ ಆದರ್ಶ ವಿದ್ಯಾಲಯ ಆಂಗ್ಲ ಮಾಧ್ಯಮ ಮಾದರಿ ಶಾಲೆಗೆ ಪ್ರವೇಶ ಪಡೆಯಲು ಅರ್ಜಿ ಆಹ್ವಾನಿಸಲಾಗಿದ್ದು, ಅರ್ಹ ವಿದ್ಯಾರ್ಥಿಗಳು ಜುಲೈ 1 ರೊಳಗಾಗಿ ಅರ್ಜಿ ಸಲ್ಲಿಸಬಹುದು ಎಂದು ಆದರ್ಶ ವಿದ್ಯಾಲಯದ ಪ್ರಾಂಶುಪಾಲರು ತಿಳಿಸಿದ್ದಾರೆ. 2025-26ನೇ ಸಾಲಿನಲ್ಲಿ ಖಾಲಿ ಇರುವ 7, 8 ಮತ್ತು 9ನೇ ತರಗತಿ ವಿದ್ಯಾರ್ಥಿಗಳ ಸೀಟುಗಳಿಗೆ ಪ್ರವೇಶ ಪರೀಕ್ಷೆ ನಡೆಸಲು ಅರ್ಜಿ ಆಹ್ವಾನಿಸಲಾಗಿದೆ. ಜುಲೈ 6 ರಂದು ಪ್ರವೇಶ ಪರೀಕ್ಷೆ ನಡೆಸಲಾಗುವುದು. ಹೆಚ್ಚಿನ ಮಾಹಿತಿಗಾಗಿ 9743304420, 7406000035 ಗೆ ಸಂಪರ್ಕಿಸಬಹುದಾಗಿದೆ.
ಜೂನ್ 27 ರಂದು ವಿವಿಧ
ಜಯಂತಿಗಳ ಪೂರ್ವಭಾವಿ ಸಭೆ
ರಾಯಚೂರು: ಜಿಲ್ಲೆಯಲ್ಲಿ ಜಿಲ್ಲಾಡಳಿತದ ವತಿಯಿಂದ ಜುಲೈ 02 ರಂದು ಡಾ.ಬಾಬು ಜಗಜೀವನ ರಾಮ್ ಹಾಗೂ ಜುಲೈ 10 ರಂದು ಹಡಪದ ಅಪ್ಪಣ್ಣ ಜಯಂತಿ ನಡೆಯಲಿದೆ. ಈ ಜಯಂತಿ ಆಚರಣೆಯ ನಿಮಿತ್ತ ಜೂನ್ 27ರ ಸಂಜೆ 4ಗಂಟೆಗೆ ನಗರದ ಜಿಲ್ಲಾಧಿಕಾರಿಗಳ ಕಚೇರಿಯ ಸಭಾಂಗಣದಲ್ಲಿ ಅಪರ ಜಿಲ್ಲಾಧಿಕಾರಿಗಳ ಅಧ್ಯಕ್ಷತೆಯಲ್ಲಿ ಪೂರ್ವಭಾವಿ ಸಭೆ ಕರೆಯಲಾಗಿದೆ. ಸಭೆಗೆ ಸಂಬಂಧಪಟ್ಟ ಎಲ್ಲಾ ಅಧಿಕಾರಿಗಳು, ಸಮಾಜದ ಮುಖಂಡರು, ಸಂಘ ಸಂಸ್ಥೆಗಳ ಪದಾಧಿಕಾರಿಗಳು ಸಭೆಗೆ ಹಾಜರಾಗಿ ಸೂಕ್ತ ಸಲಹೆ ಸೂಚನೆ ನೀಡಬೇಕೆಂದು ಕನ್ನಡ ಮತ್ತು ಸಂಸ್ಕೃತಿ ಇಲಾಖೆಯ ಸಹಾಯಕ ನಿರ್ದೇಶಕರು ಪ್ರಕಟಣೆಯಲ್ಲಿ ತಿಳಿಸಿದ್ದಾರೆ.
